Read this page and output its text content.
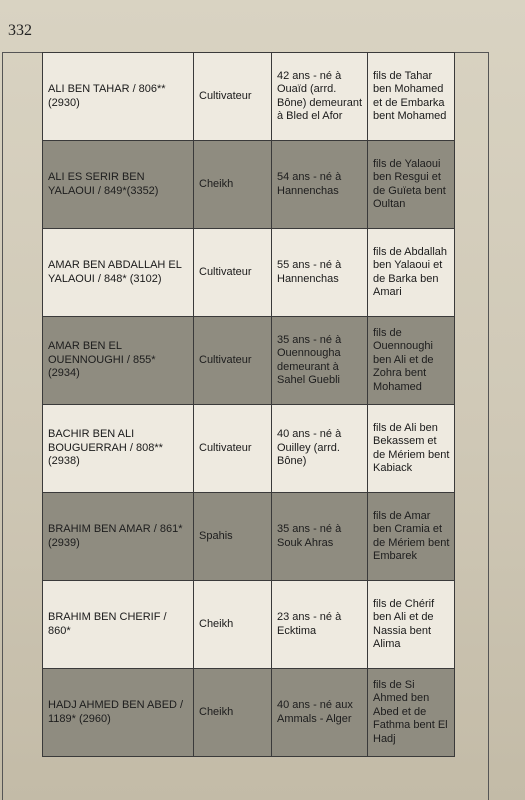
332
ALI BEN TAHAR / 806** (2930)	Cultivateur	42 ans - né à Ouaïd (arrd. Bône) demeurant à Bled el Afor	fils de Tahar ben Mohamed et de Embarka bent Mohamed
ALI ES SERIR BEN YALAOUI / 849*(3352)	Cheikh	54 ans - né à Hannenchas	fils de Yalaoui ben Resgui et de Guïeta bent Oultan
AMAR BEN ABDALLAH EL YALAOUI / 848* (3102)	Cultivateur	55 ans - né à Hannenchas	fils de Abdallah ben Yalaoui et de Barka ben Amari
AMAR BEN EL OUENNOUGHI / 855* (2934)	Cultivateur	35 ans - né à Ouennougha demeurant à Sahel Guebli	fils de Ouennoughi ben Ali et de Zohra bent Mohamed
BACHIR BEN ALI BOUGUERRAH / 808** (2938)	Cultivateur	40 ans - né à Ouilley (arrd. Bône)	fils de Ali ben Bekassem et de Mériem bent Kabiack
BRAHIM BEN AMAR / 861* (2939)	Spahis	35 ans - né à Souk Ahras	fils de Amar ben Cramia et de Mériem bent Embarek
BRAHIM BEN CHERIF / 860*	Cheikh	23 ans - né à Ecktima	fils de Chérif ben Ali et de Nassia bent Alima
HADJ AHMED BEN ABED / 1189* (2960)	Cheikh	40 ans - né aux Ammals - Alger	fils de Si Ahmed ben Abed et de Fathma bent El Hadj
